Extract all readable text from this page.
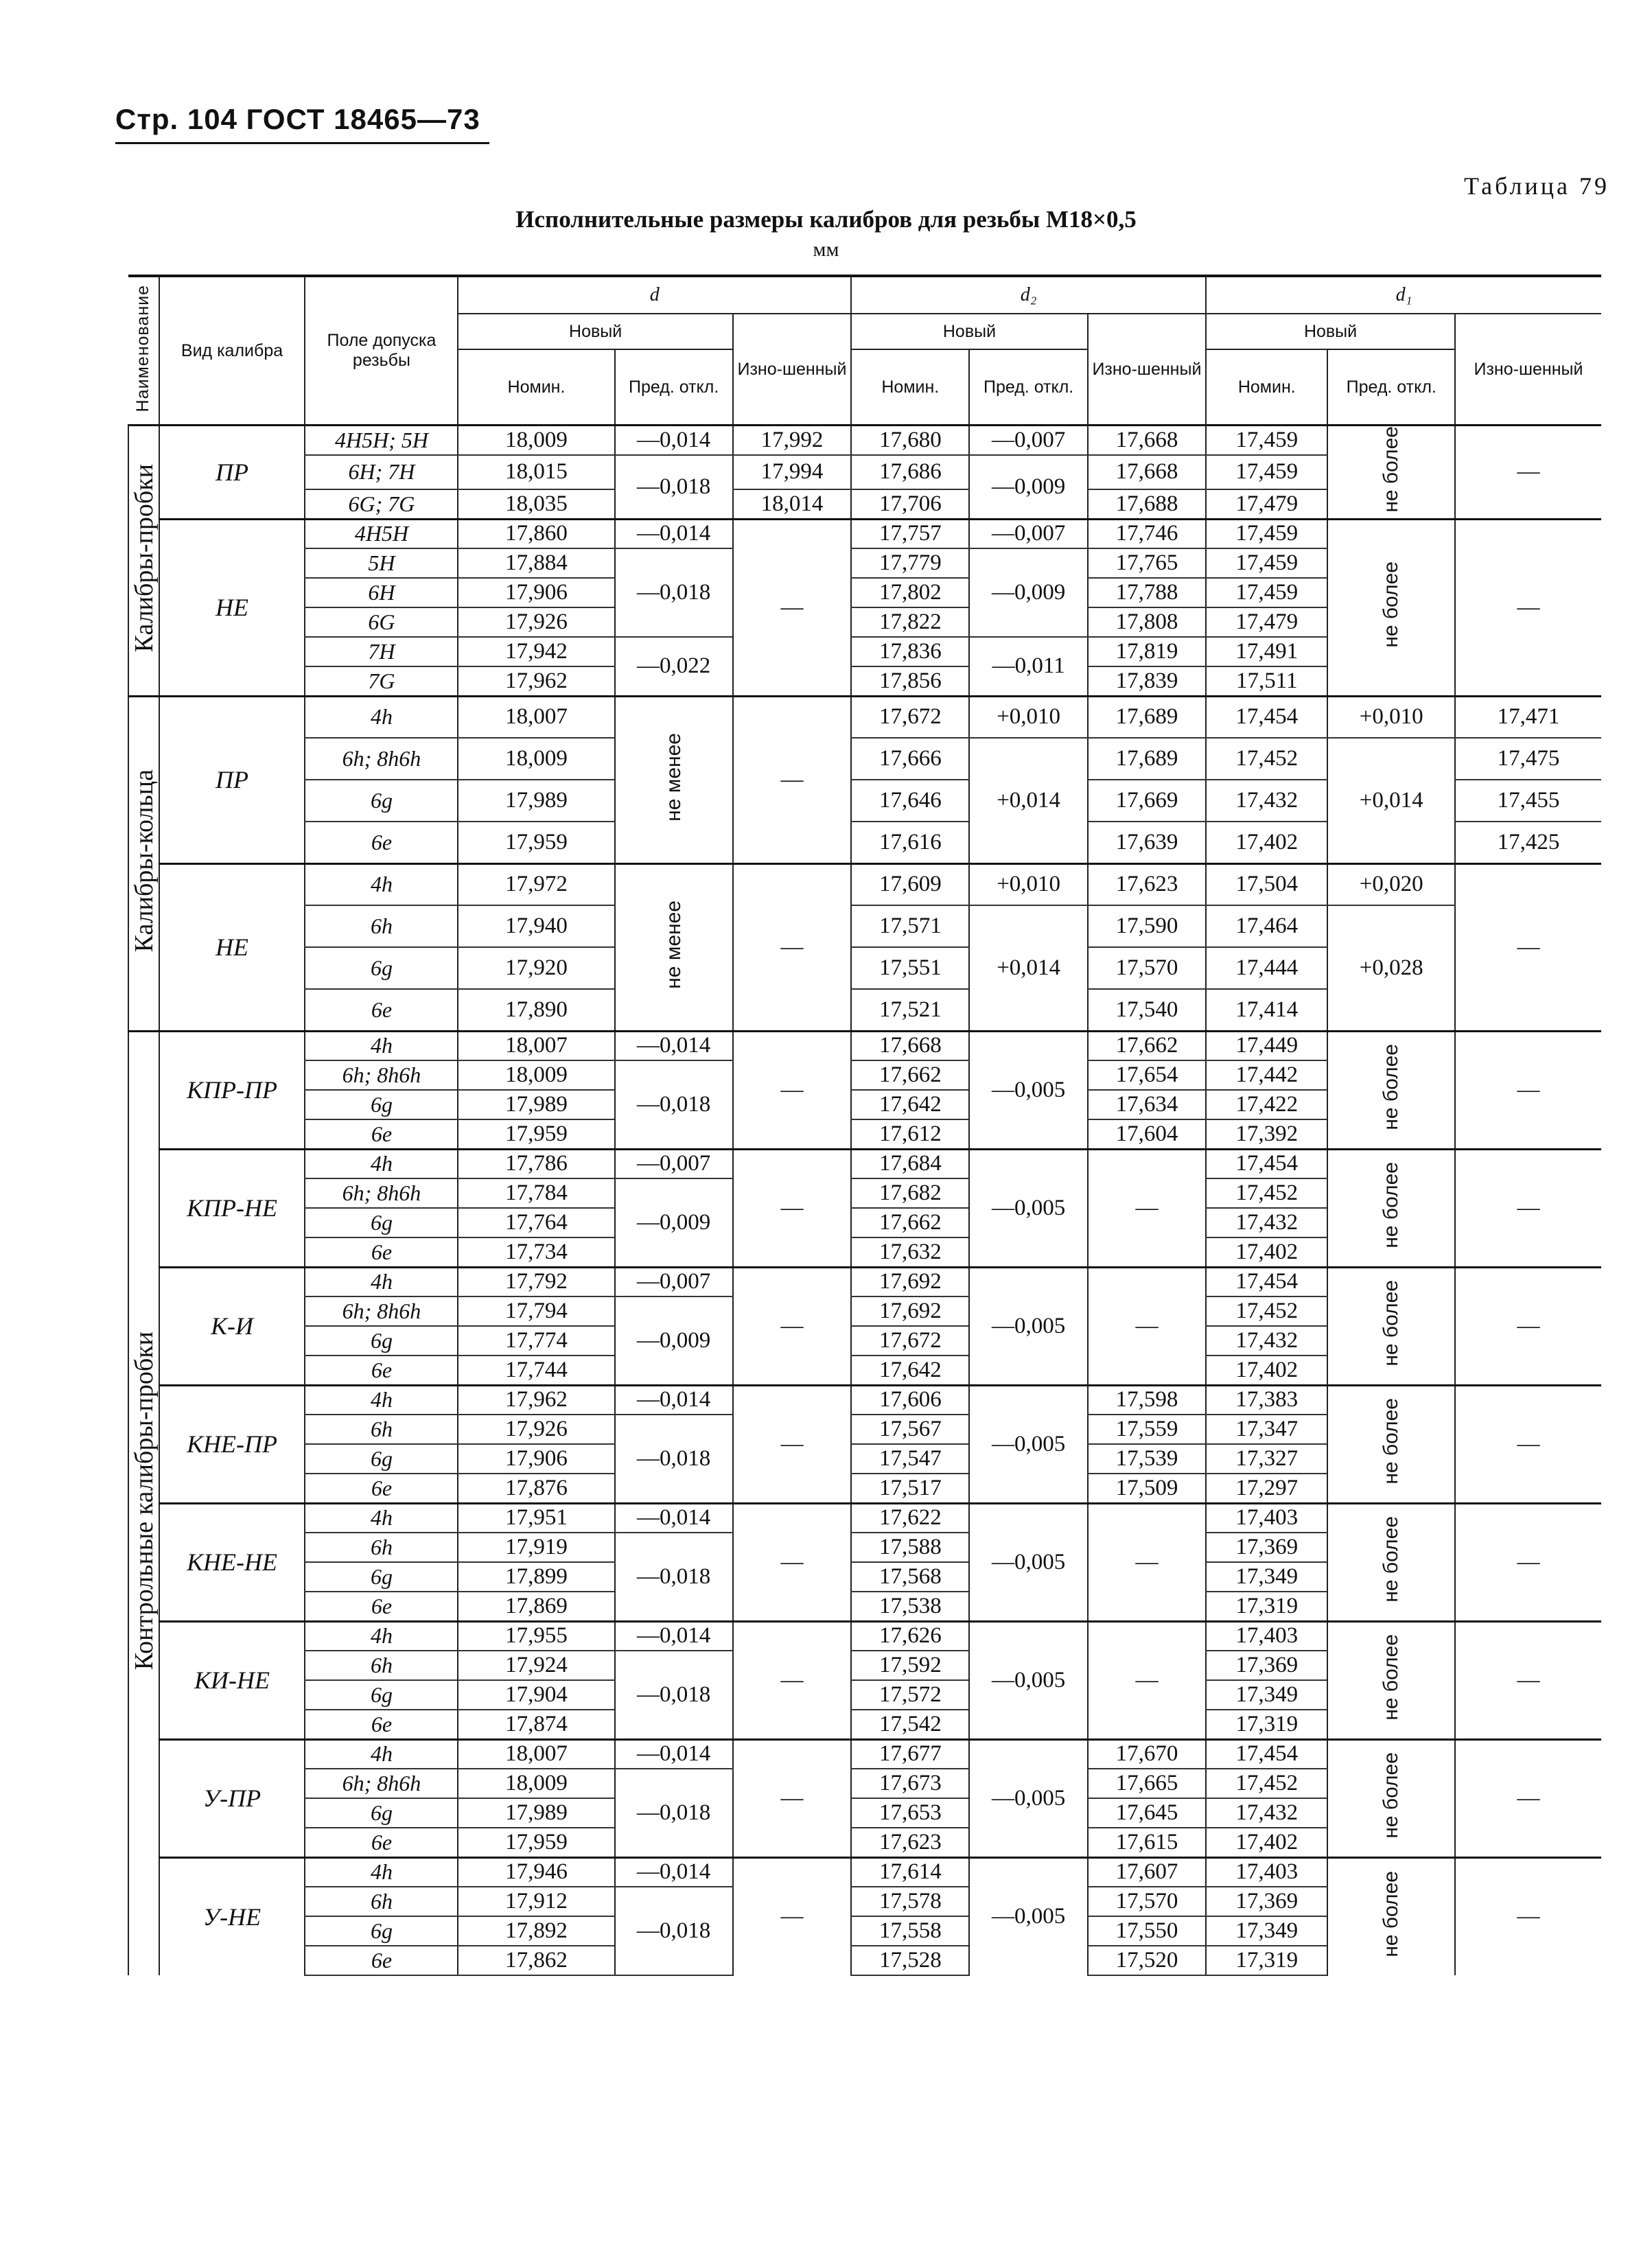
Стр. 104 ГОСТ 18465—73
Таблица 79
Исполнительные размеры калибров для резьбы М18×0,5
мм
Наименование	Вид калибра	Поле допуска резьбы	d			d₂			d₁		
			Новый		Изно-шенный	Новый		Изно-шенный	Новый		Изно-шенный
			Номин.	Пред. откл.		Номин.	Пред. откл.		Номин.	Пред. откл.	
Калибры-пробки	ПР	4H5H; 5H	18,009	—0,014	17,992	17,680	—0,007	17,668	17,459	не более	—
		6H; 7H	18,015	—0,018	17,994	17,686	—0,009	17,668	17,459		
		6G; 7G	18,035		18,014	17,706		17,688	17,479		
	НЕ	4H5H	17,860	—0,014	—	17,757	—0,007	17,746	17,459	не более	—
		5H	17,884	—0,018		17,779	—0,009	17,765	17,459		
		6H	17,906			17,802		17,788	17,459		
		6G	17,926			17,822		17,808	17,479		
		7H	17,942	—0,022		17,836	—0,011	17,819	17,491		
		7G	17,962			17,856		17,839	17,511		
Калибры-кольца	ПР	4h	18,007	не менее	—	17,672	+0,010	17,689	17,454	+0,010	17,471
		6h; 8h6h	18,009			17,666	+0,014	17,689	17,452	+0,014	17,475
		6g	17,989			17,646		17,669	17,432		17,455
		6e	17,959			17,616		17,639	17,402		17,425
	НЕ	4h	17,972	не менее	—	17,609	+0,010	17,623	17,504	+0,020	—
		6h	17,940			17,571	+0,014	17,590	17,464	+0,028	
		6g	17,920			17,551		17,570	17,444		
		6e	17,890			17,521		17,540	17,414		
Контрольные калибры-пробки	КПР-ПР	4h	18,007	—0,014	—	17,668	—0,005	17,662	17,449	не более	—
		6h; 8h6h	18,009	—0,018		17,662		17,654	17,442		
		6g	17,989			17,642		17,634	17,422		
		6e	17,959			17,612		17,604	17,392		
	КПР-НЕ	4h	17,786	—0,007	—	17,684	—0,005	—	17,454	не более	—
		6h; 8h6h	17,784	—0,009		17,682			17,452		
		6g	17,764			17,662			17,432		
		6e	17,734			17,632			17,402		
	К-И	4h	17,792	—0,007	—	17,692	—0,005	—	17,454	не более	—
		6h; 8h6h	17,794	—0,009		17,692			17,452		
		6g	17,774			17,672			17,432		
		6e	17,744			17,642			17,402		
	КНЕ-ПР	4h	17,962	—0,014	—	17,606	—0,005	17,598	17,383	не более	—
		6h	17,926	—0,018		17,567		17,559	17,347		
		6g	17,906			17,547		17,539	17,327		
		6e	17,876			17,517		17,509	17,297		
	КНЕ-НЕ	4h	17,951	—0,014	—	17,622	—0,005	—	17,403	не более	—
		6h	17,919	—0,018		17,588			17,369		
		6g	17,899			17,568			17,349		
		6e	17,869			17,538			17,319		
	КИ-НЕ	4h	17,955	—0,014	—	17,626	—0,005	—	17,403	не более	—
		6h	17,924	—0,018		17,592			17,369		
		6g	17,904			17,572			17,349		
		6e	17,874			17,542			17,319		
	У-ПР	4h	18,007	—0,014	—	17,677	—0,005	17,670	17,454	не более	—
		6h; 8h6h	18,009	—0,018		17,673		17,665	17,452		
		6g	17,989			17,653		17,645	17,432		
		6e	17,959			17,623		17,615	17,402		
	У-НЕ	4h	17,946	—0,014	—	17,614	—0,005	17,607	17,403	не более	—
		6h	17,912	—0,018		17,578		17,570	17,369		
		6g	17,892			17,558		17,550	17,349		
		6e	17,862			17,528		17,520	17,319		
